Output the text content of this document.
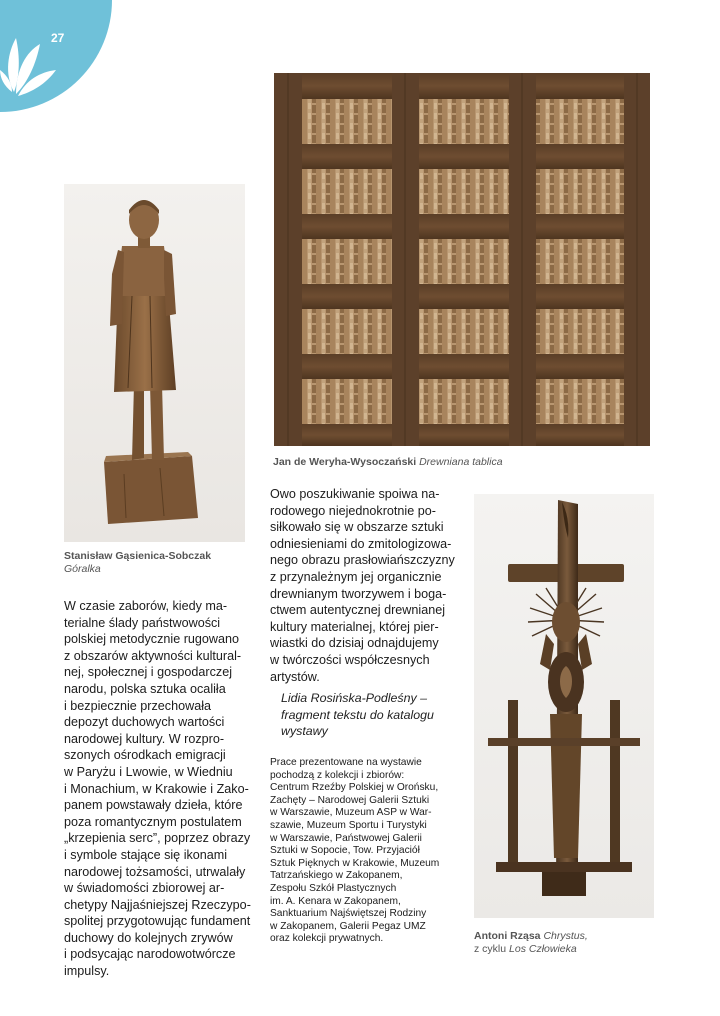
27
Jan de Weryha-Wysoczański Drewniana tablica
Stanisław Gąsienica-Sobczak
Góralka
W czasie zaborów, kiedy ma-
terialne ślady państwowości
polskiej metodycznie rugowano
z obszarów aktywności kultural-
nej, społecznej i gospodarczej
narodu, polska sztuka ocaliła
i bezpiecznie przechowała
depozyt duchowych wartości
narodowej kultury. W rozpro-
szonych ośrodkach emigracji
w Paryżu i Lwowie, w Wiedniu
i Monachium, w Krakowie i Zako-
panem powstawały dzieła, które
poza romantycznym postulatem
„krzepienia serc”, poprzez obrazy
i symbole stające się ikonami
narodowej tożsamości, utrwalały
w świadomości zbiorowej ar-
chetypy Najjaśniejszej Rzeczypo-
spolitej przygotowując fundament
duchowy do kolejnych zrywów
i podsycając narodowotwórcze
impulsy.
Owo poszukiwanie spoiwa na-
rodowego niejednokrotnie po-
siłkowało się w obszarze sztuki
odniesieniami do zmitologizowa-
nego obrazu prasłowiańszczyzny
z przynależnym jej organicznie
drewnianym tworzywem i boga-
ctwem autentycznej drewnianej
kultury materialnej, której pier-
wiastki do dzisiaj odnajdujemy
w twórczości współczesnych
artystów.
Lidia Rosińska-Podleśny –
fragment tekstu do katalogu
wystawy
Prace prezentowane na wystawie
pochodzą z kolekcji i zbiorów:
Centrum Rzeźby Polskiej w Orońsku,
Zachęty – Narodowej Galerii Sztuki
w Warszawie, Muzeum ASP w War-
szawie, Muzeum Sportu i Turystyki
w Warszawie, Państwowej Galerii
Sztuki w Sopocie, Tow. Przyjaciół
Sztuk Pięknych w Krakowie, Muzeum
Tatrzańskiego w Zakopanem,
Zespołu Szkół Plastycznych
im. A. Kenara w Zakopanem,
Sanktuarium Najświętszej Rodziny
w Zakopanem, Galerii Pegaz UMZ
oraz kolekcji prywatnych.	Antoni Rząsa Chrystus,
z cyklu Los Człowieka
